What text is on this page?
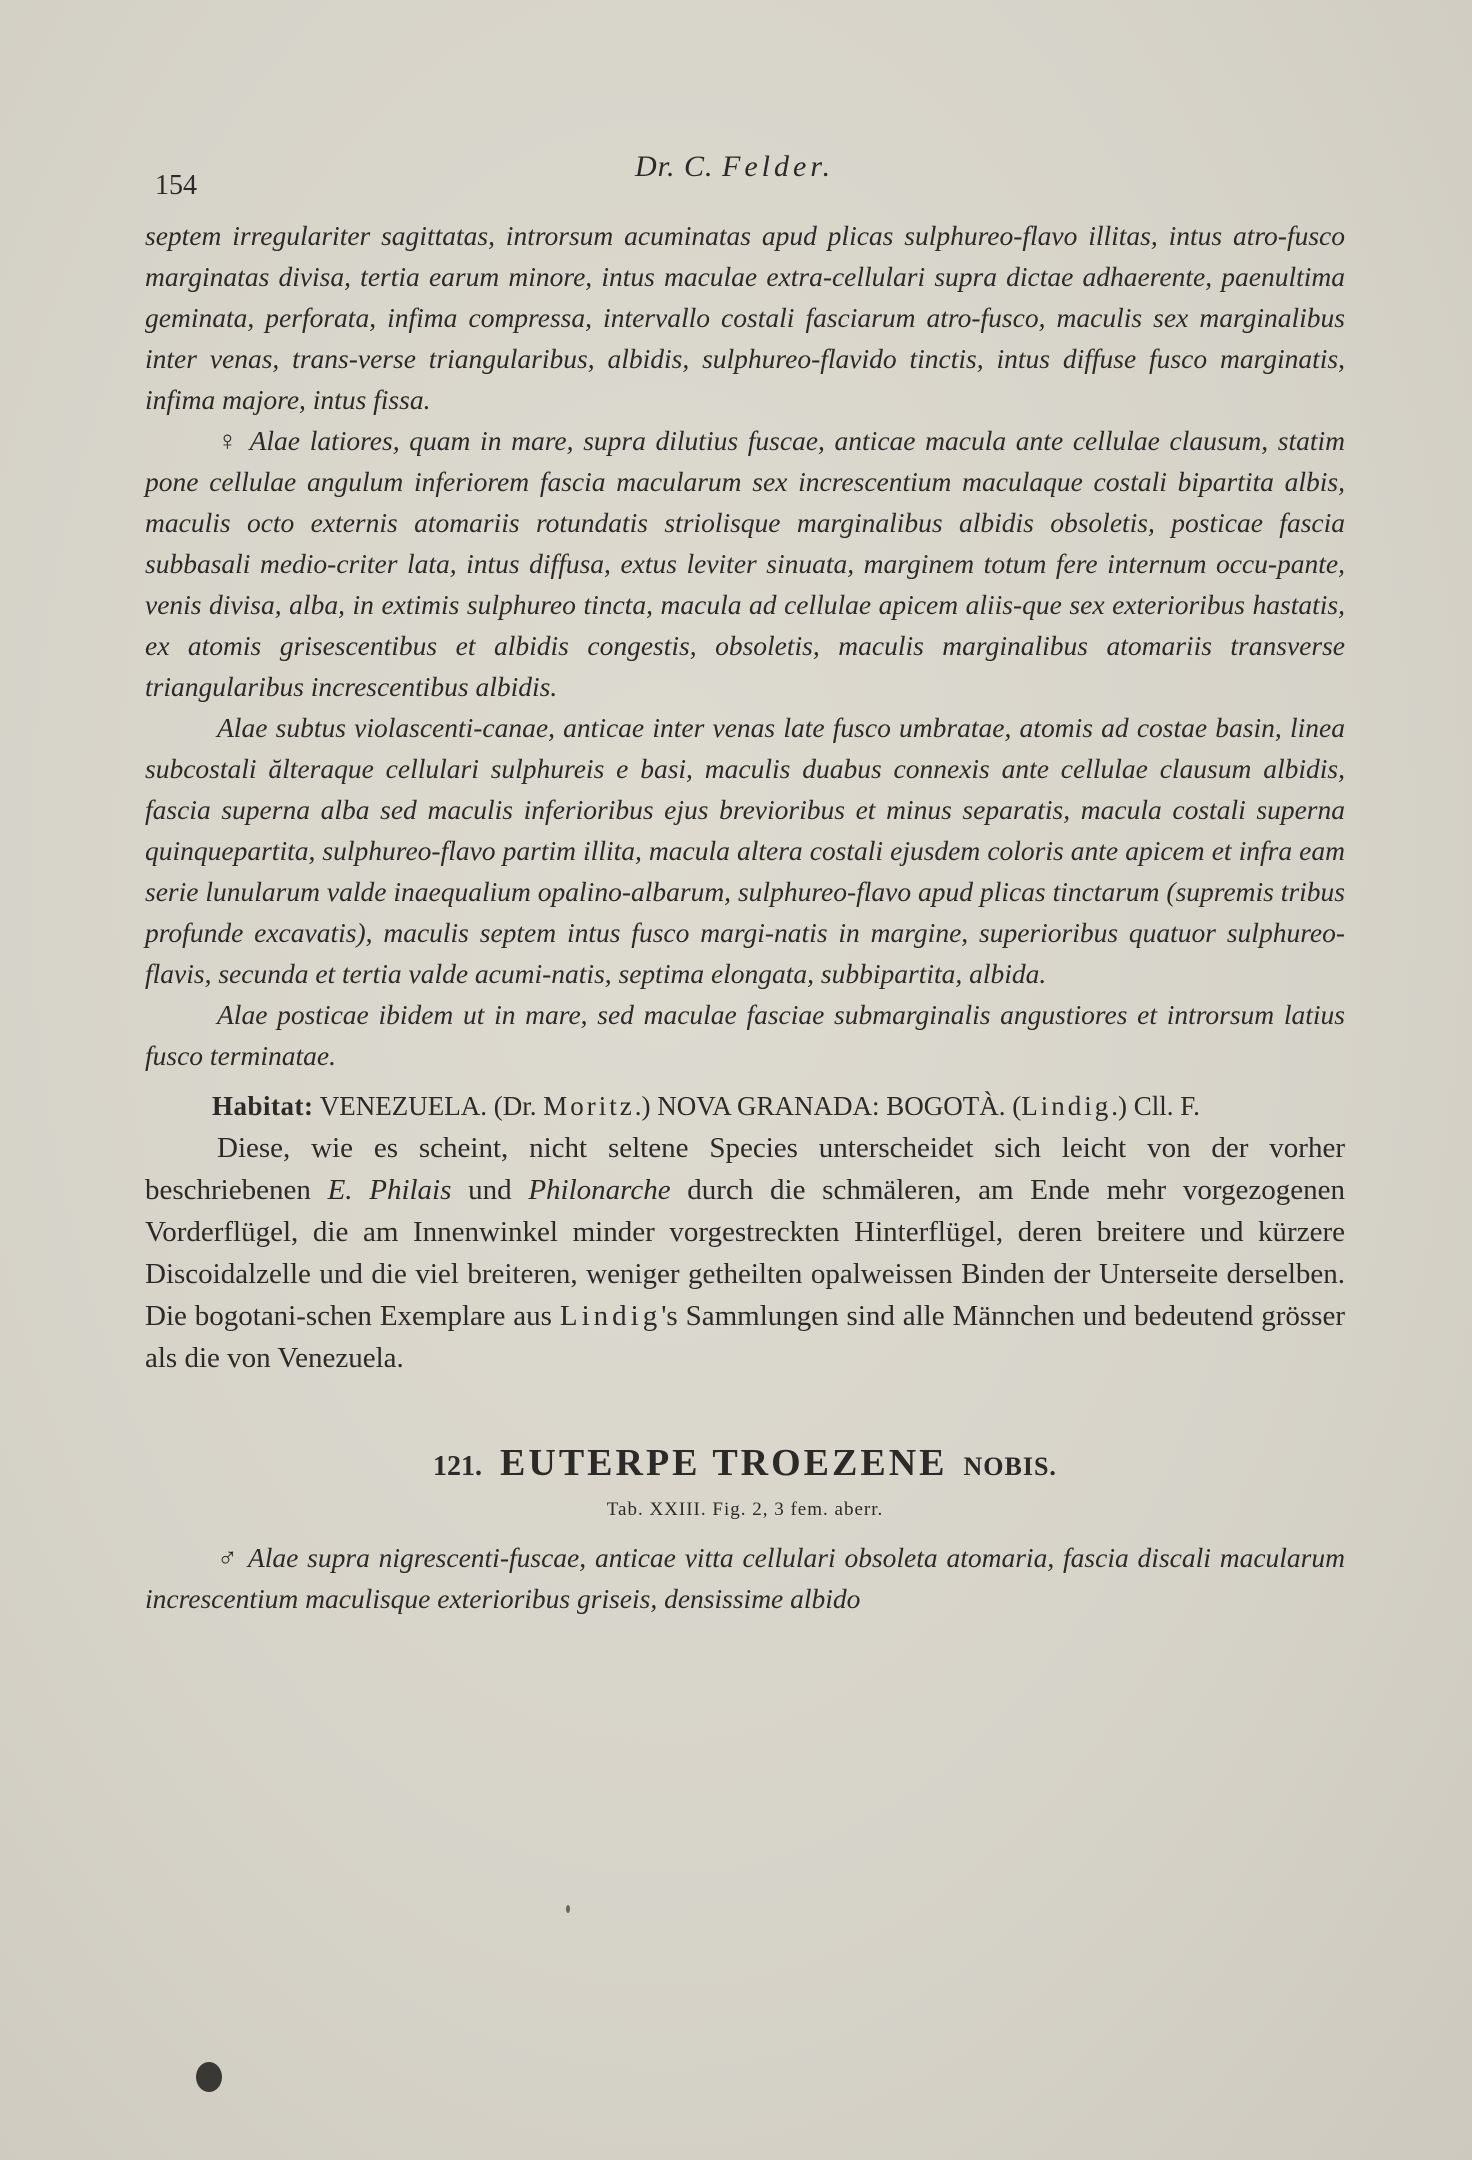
154
Dr. C. Felder.

septem irregulariter sagittatas, introrsum acuminatas apud plicas sulphureo-flavo illitas, intus atro-fusco marginatas divisa, tertia earum minore, intus maculae extra-cellulari supra dictae adhaerente, paenultima geminata, perforata, infima compressa, intervallo costali fasciarum atro-fusco, maculis sex marginalibus inter venas, trans-verse triangularibus, albidis, sulphureo-flavido tinctis, intus diffuse fusco marginatis, infima majore, intus fissa.

♀ Alae latiores, quam in mare, supra dilutius fuscae, anticae macula ante cellulae clausum, statim pone cellulae angulum inferiorem fascia macularum sex increscentium maculaque costali bipartita albis, maculis octo externis atomariis rotundatis striolisque marginalibus albidis obsoletis, posticae fascia subbasali medio-criter lata, intus diffusa, extus leviter sinuata, marginem totum fere internum occu-pante, venis divisa, alba, in extimis sulphureo tincta, macula ad cellulae apicem aliis-que sex exterioribus hastatis, ex atomis grisescentibus et albidis congestis, obsoletis, maculis marginalibus atomariis transverse triangularibus increscentibus albidis.

Alae subtus violascenti-canae, anticae inter venas late fusco umbratae, atomis ad costae basin, linea subcostali ălteraque cellulari sulphureis e basi, maculis duabus connexis ante cellulae clausum albidis, fascia superna alba sed maculis inferioribus ejus brevioribus et minus separatis, macula costali superna quinquepartita, sulphureo-flavo partim illita, macula altera costali ejusdem coloris ante apicem et infra eam serie lunularum valde inaequalium opalino-albarum, sulphureo-flavo apud plicas tinctarum (supremis tribus profunde excavatis), maculis septem intus fusco margi-natis in margine, superioribus quatuor sulphureo-flavis, secunda et tertia valde acumi-natis, septima elongata, subbipartita, albida.

Alae posticae ibidem ut in mare, sed maculae fasciae submarginalis angustiores et introrsum latius fusco terminatae.

Habitat: VENEZUELA. (Dr. Moritz.) NOVA GRANADA: BOGOTÀ. (Lindig.) Cll. F.

Diese, wie es scheint, nicht seltene Species unterscheidet sich leicht von der vorher beschriebenen E. Philais und Philonarche durch die schmäleren, am Ende mehr vorgezogenen Vorderflügel, die am Innenwinkel minder vorgestreckten Hinterflügel, deren breitere und kürzere Discoidalzelle und die viel breiteren, weniger getheilten opalweissen Binden der Unterseite derselben. Die bogotani-schen Exemplare aus Lindig's Sammlungen sind alle Männchen und bedeutend grösser als die von Venezuela.

121. EUTERPE TROEZENE NOBIS.
Tab. XXIII. Fig. 2, 3 fem. aberr.

♂ Alae supra nigrescenti-fuscae, anticae vitta cellulari obsoleta atomaria, fascia discali macularum increscentium maculisque exterioribus griseis, densissime albido
